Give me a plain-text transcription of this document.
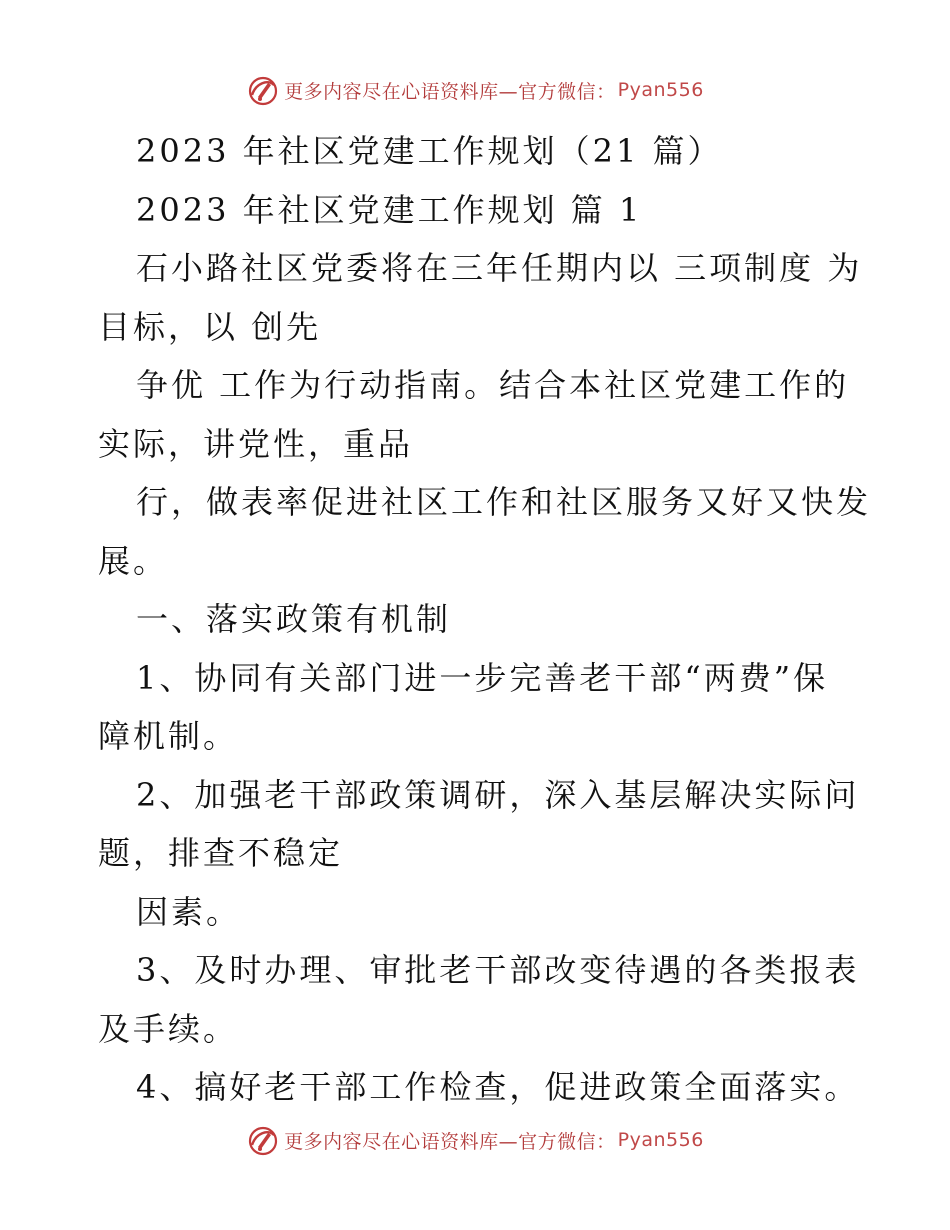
更多内容尽在心语资料库—官方微信： Pyan556
2023 年社区党建工作规划（21 篇）
2023 年社区党建工作规划 篇 1
石小路社区党委将在三年任期内以 三项制度 为
目标，以 创先
争优 工作为行动指南。结合本社区党建工作的
实际，讲党性，重品
行，做表率促进社区工作和社区服务又好又快发
展。
一、落实政策有机制
1、协同有关部门进一步完善老干部“两费”保
障机制。
2、加强老干部政策调研，深入基层解决实际问
题，排查不稳定
因素。
3、及时办理、审批老干部改变待遇的各类报表
及手续。
4、搞好老干部工作检查，促进政策全面落实。
更多内容尽在心语资料库—官方微信： Pyan556
